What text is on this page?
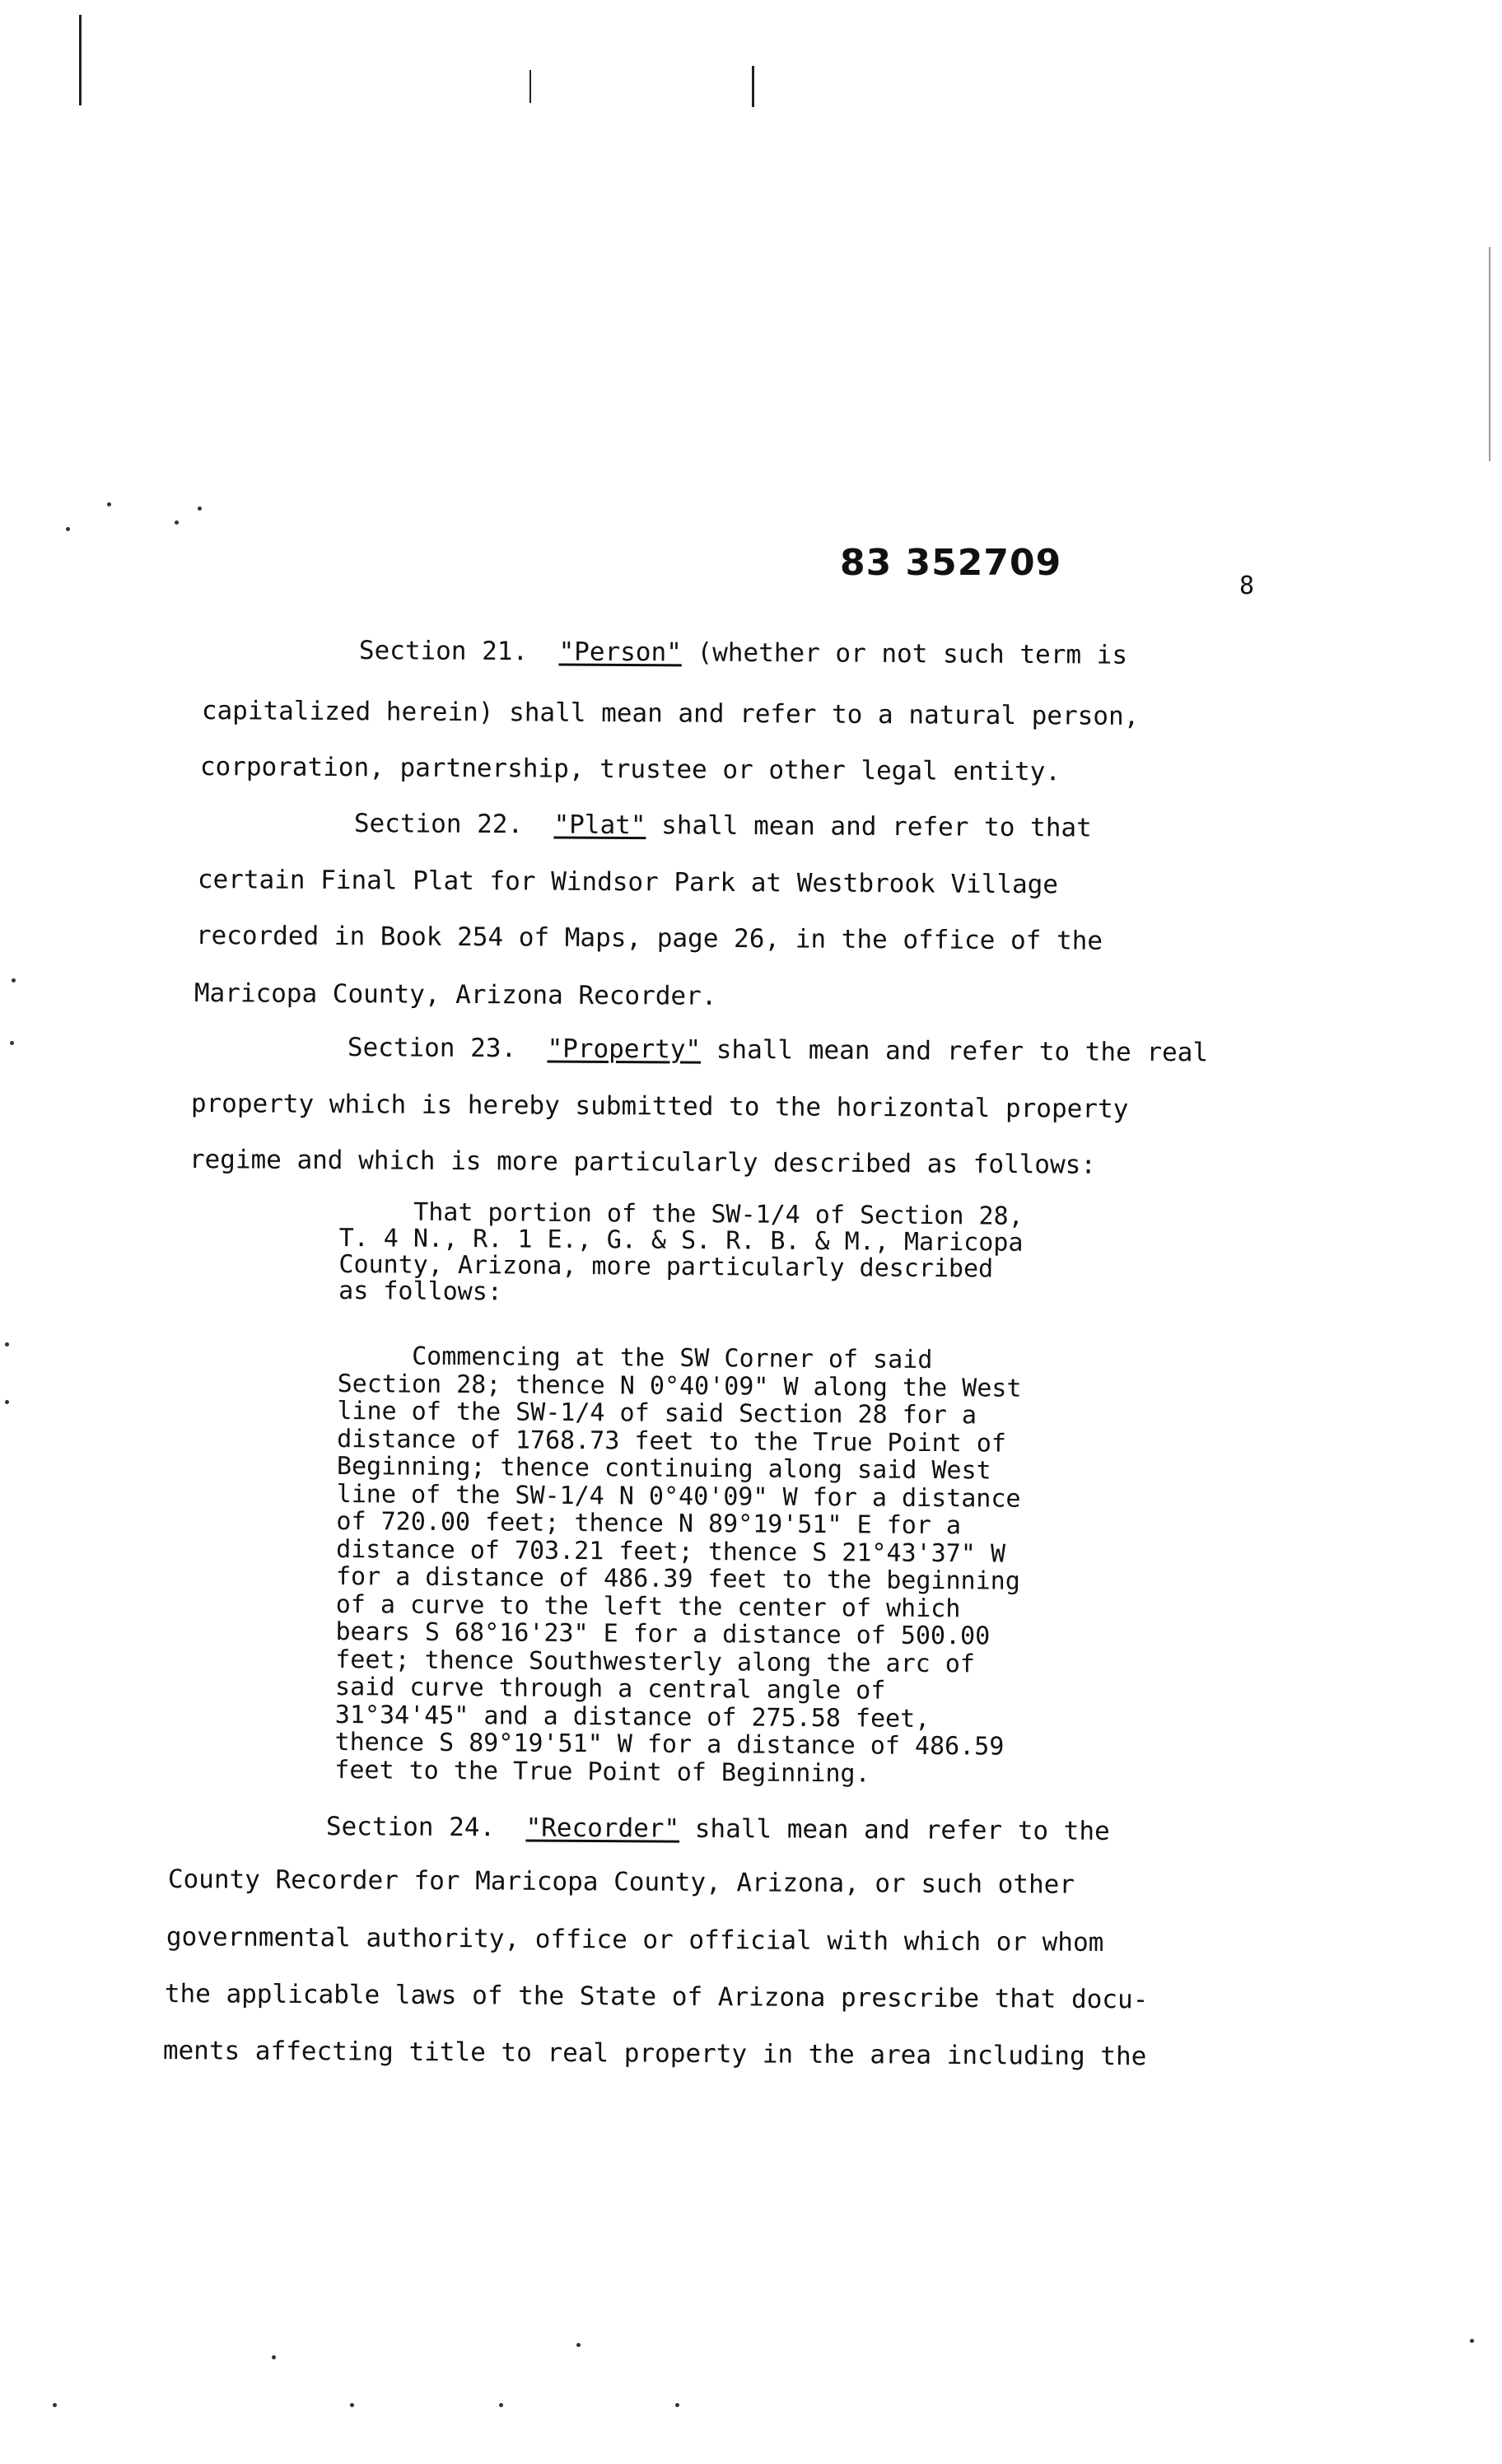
83 352709
8
Section 21. "Person" (whether or not such term is
capitalized herein) shall mean and refer to a natural person,
corporation, partnership, trustee or other legal entity.
Section 22. "Plat" shall mean and refer to that
certain Final Plat for Windsor Park at Westbrook Village
recorded in Book 254 of Maps, page 26, in the office of the
Maricopa County, Arizona Recorder.
Section 23. "Property" shall mean and refer to the real
property which is hereby submitted to the horizontal property
regime and which is more particularly described as follows:
That portion of the SW-1/4 of Section 28,
T. 4 N., R. 1 E., G. & S. R. B. & M., Maricopa
County, Arizona, more particularly described
as follows:
Commencing at the SW Corner of said
Section 28; thence N 0°40'09" W along the West
line of the SW-1/4 of said Section 28 for a
distance of 1768.73 feet to the True Point of
Beginning; thence continuing along said West
line of the SW-1/4 N 0°40'09" W for a distance
of 720.00 feet; thence N 89°19'51" E for a
distance of 703.21 feet; thence S 21°43'37" W
for a distance of 486.39 feet to the beginning
of a curve to the left the center of which
bears S 68°16'23" E for a distance of 500.00
feet; thence Southwesterly along the arc of
said curve through a central angle of
31°34'45" and a distance of 275.58 feet,
thence S 89°19'51" W for a distance of 486.59
feet to the True Point of Beginning.
Section 24. "Recorder" shall mean and refer to the
County Recorder for Maricopa County, Arizona, or such other
governmental authority, office or official with which or whom
the applicable laws of the State of Arizona prescribe that docu-
ments affecting title to real property in the area including the
